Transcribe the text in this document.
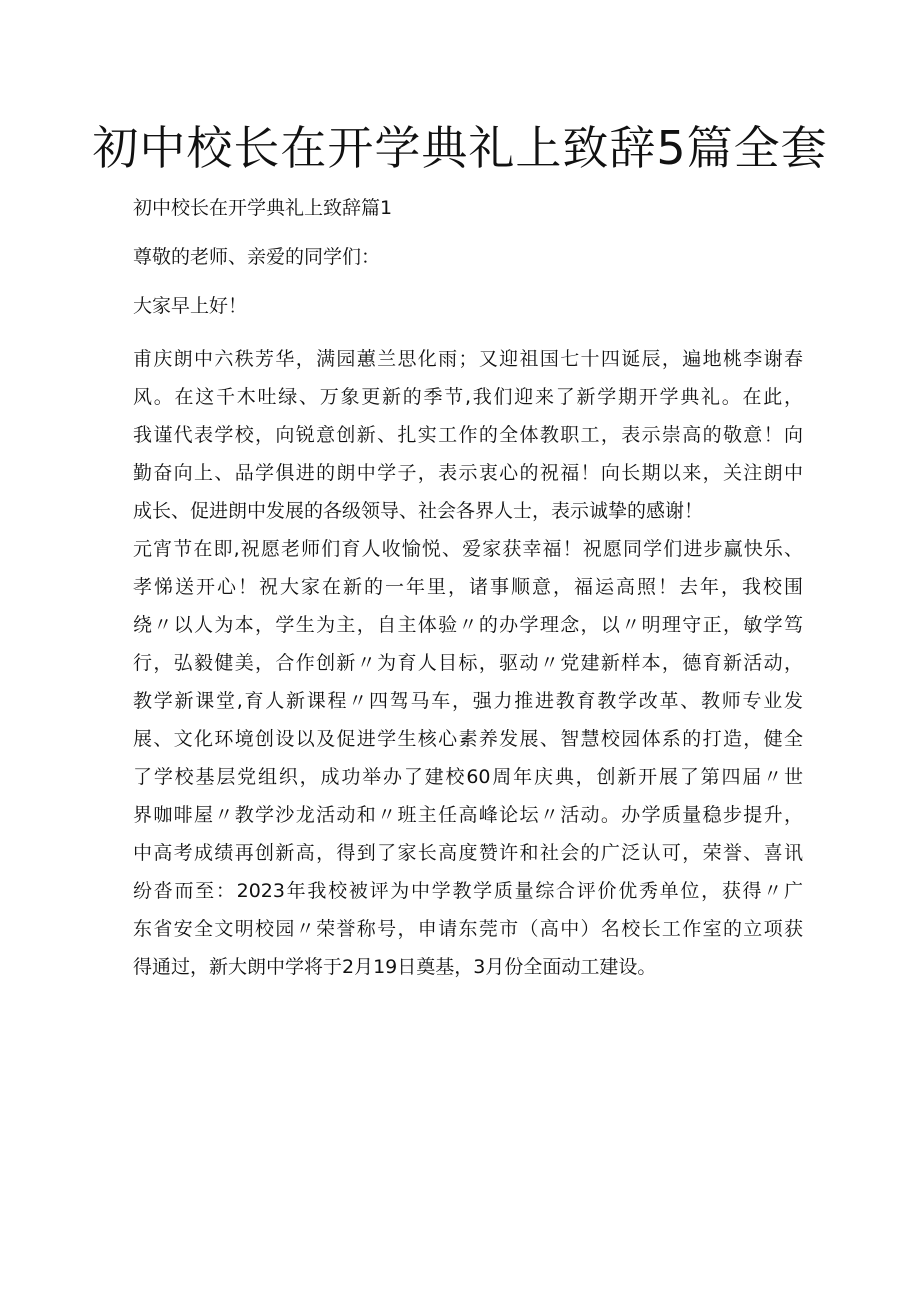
初中校长在开学典礼上致辞5篇全套

初中校长在开学典礼上致辞篇1

尊敬的老师、亲爱的同学们：

大家早上好！

甫庆朗中六秩芳华，满园蕙兰思化雨；又迎祖国七十四诞辰，遍地桃李谢春

风。在这千木吐绿、万象更新的季节,我们迎来了新学期开学典礼。在此，

我谨代表学校，向锐意创新、扎实工作的全体教职工，表示崇高的敬意！向

勤奋向上、品学俱进的朗中学子，表示衷心的祝福！向长期以来，关注朗中

成长、促进朗中发展的各级领导、社会各界人士，表示诚挚的感谢！

元宵节在即,祝愿老师们育人收愉悦、爱家获幸福！祝愿同学们进步赢快乐、

孝悌送开心！祝大家在新的一年里，诸事顺意，福运高照！去年，我校围

绕〃以人为本，学生为主，自主体验〃的办学理念，以〃明理守正，敏学笃

行，弘毅健美，合作创新〃为育人目标，驱动〃党建新样本，德育新活动，

教学新课堂,育人新课程〃四驾马车，强力推进教育教学改革、教师专业发

展、文化环境创设以及促进学生核心素养发展、智慧校园体系的打造，健全

了学校基层党组织，成功举办了建校60周年庆典，创新开展了第四届〃世

界咖啡屋〃教学沙龙活动和〃班主任高峰论坛〃活动。办学质量稳步提升，

中高考成绩再创新高，得到了家长高度赞许和社会的广泛认可，荣誉、喜讯

纷沓而至：2023年我校被评为中学教学质量综合评价优秀单位，获得〃广

东省安全文明校园〃荣誉称号，申请东莞市（高中）名校长工作室的立项获

得通过，新大朗中学将于2月19日奠基，3月份全面动工建设。
